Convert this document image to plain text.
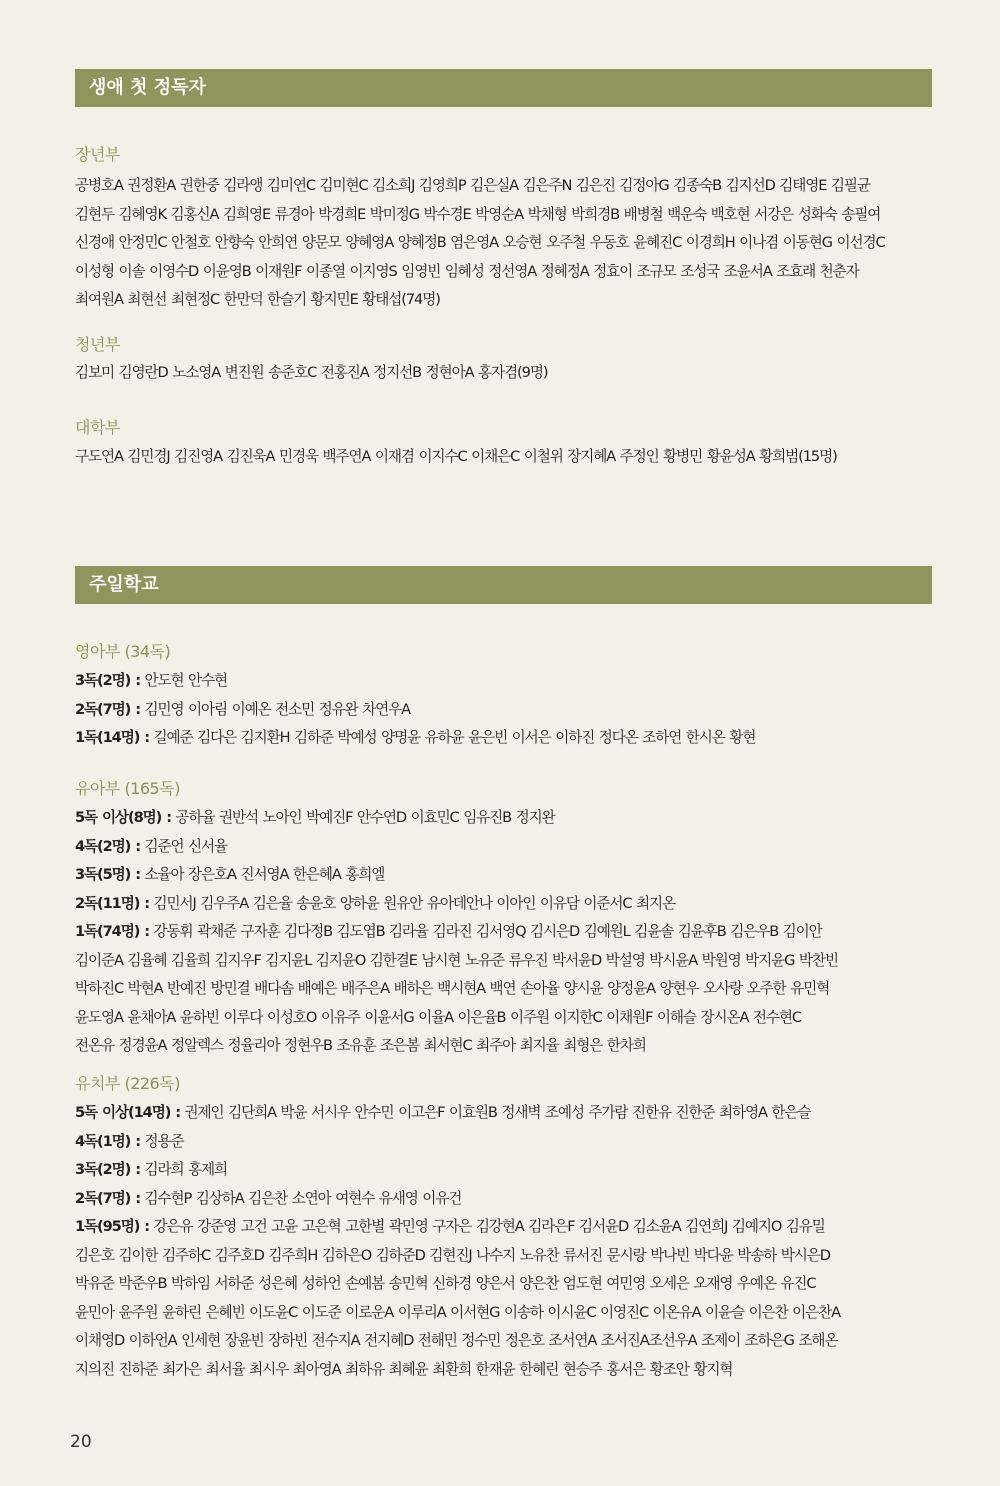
생애 첫 정독자
장년부
공병호A 권정환A 권한중 김라앵 김미연C 김미현C 김소희J 김영희P 김은실A 김은주N 김은진 김정아G 김종숙B 김지선D 김태영E 김필균
김현두 김혜영K 김홍신A 김희영E 류경아 박경희E 박미정G 박수경E 박영순A 박채형 박희경B 배병철 백운숙 백호현 서강은 성화숙 송필여
신경애 안정민C 안철호 안향숙 안희연 양문모 양혜영A 양혜정B 염은영A 오승현 오주철 우동호 윤혜진C 이경희H 이나겸 이동현G 이선경C
이성형 이솔 이영수D 이윤영B 이재원F 이종열 이지영S 임영빈 임혜성 정선영A 정혜정A 정효이 조규모 조성국 조윤서A 조효래 천춘자
최여원A 최현선 최현정C 한만덕 한슬기 황지민E 황태섭(74명)
청년부
김보미 김영란D 노소영A 변진원 송준호C 전홍진A 정지선B 정현아A 홍자겸(9명)
대학부
구도연A 김민경J 김진영A 김진욱A 민경욱 백주연A 이재겸 이지수C 이채은C 이철위 장지혜A 주정인 황병민 황윤성A 황희범(15명)
주일학교
영아부 (34독)
3독(2명) : 안도현 안수현
2독(7명) : 김민영 이아림 이예온 전소민 정유완 차연우A
1독(14명) : 길예준 김다은 김지환H 김하준 박예성 양명윤 유하윤 윤은빈 이서은 이하진 정다온 조하연 한시온 황현
유아부 (165독)
5독 이상(8명) : 공하율 권반석 노아인 박예진F 안수연D 이효민C 임유진B 정지완
4독(2명) : 김준언 신서율
3독(5명) : 소율아 장은호A 진서영A 한은혜A 홍희엘
2독(11명) : 김민서J 김우주A 김은율 송윤호 양하윤 원유안 유아데안나 이아인 이유담 이준서C 최지온
1독(74명) : 강동휘 곽채준 구자훈 김다정B 김도엽B 김라율 김라진 김서영Q 김시은D 김예원L 김윤솔 김윤후B 김은우B 김이안
김이준A 김율혜 김율희 김지우F 김지윤L 김지윤O 김한결E 남시현 노유준 류우진 박서윤D 박설영 박시윤A 박원영 박지윤G 박찬빈
박하진C 박현A 반예진 방민결 배다솜 배예은 배주은A 배하은 백시현A 백연 손아율 양시윤 양정윤A 양현우 오사랑 오주한 유민혁
윤도영A 윤채아A 윤하빈 이루다 이성호O 이유주 이윤서G 이율A 이은율B 이주원 이지한C 이채원F 이해슬 장시온A 전수현C
전온유 정경윤A 정알렉스 정율리아 정현우B 조유훈 조은봄 최서현C 최주아 최지율 최형은 한차희
유치부 (226독)
5독 이상(14명) : 권제인 김단희A 박윤 서시우 안수민 이고은F 이효원B 정새벽 조예성 주가람 진한유 진한준 최하영A 한은슬
4독(1명) : 정용준
3독(2명) : 김라희 홍제희
2독(7명) : 김수현P 김상하A 김은찬 소연아 여현수 유새영 이유건
1독(95명) : 강은유 강준영 고건 고윤 고은혁 고한별 곽민영 구자은 김강현A 김라은F 김서윤D 김소윤A 김연희J 김예지O 김유밀
김은호 김이한 김주하C 김주호D 김주희H 김하은O 김하준D 김현진J 나수지 노유찬 류서진 문시랑 박나빈 박다윤 박송하 박시은D
박유준 박준우B 박하임 서하준 성은혜 성하언 손예봄 송민혁 신하경 양은서 양은찬 엄도현 여민영 오세은 오재영 우예온 유진C
윤민아 윤주원 윤하린 은혜빈 이도윤C 이도준 이로운A 이루리A 이서현G 이송하 이시윤C 이영진C 이온유A 이윤슬 이은찬 이은찬A
이채영D 이하언A 인세현 장윤빈 장하빈 전수지A 전지혜D 전해민 정수민 정은호 조서연A 조서진A조선우A 조제이 조하은G 조해온
지의진 진하준 최가은 최서율 최시우 최아영A 최하유 최혜윤 최환희 한재윤 한혜린 현승주 홍서은 황조안 황지혁
20
